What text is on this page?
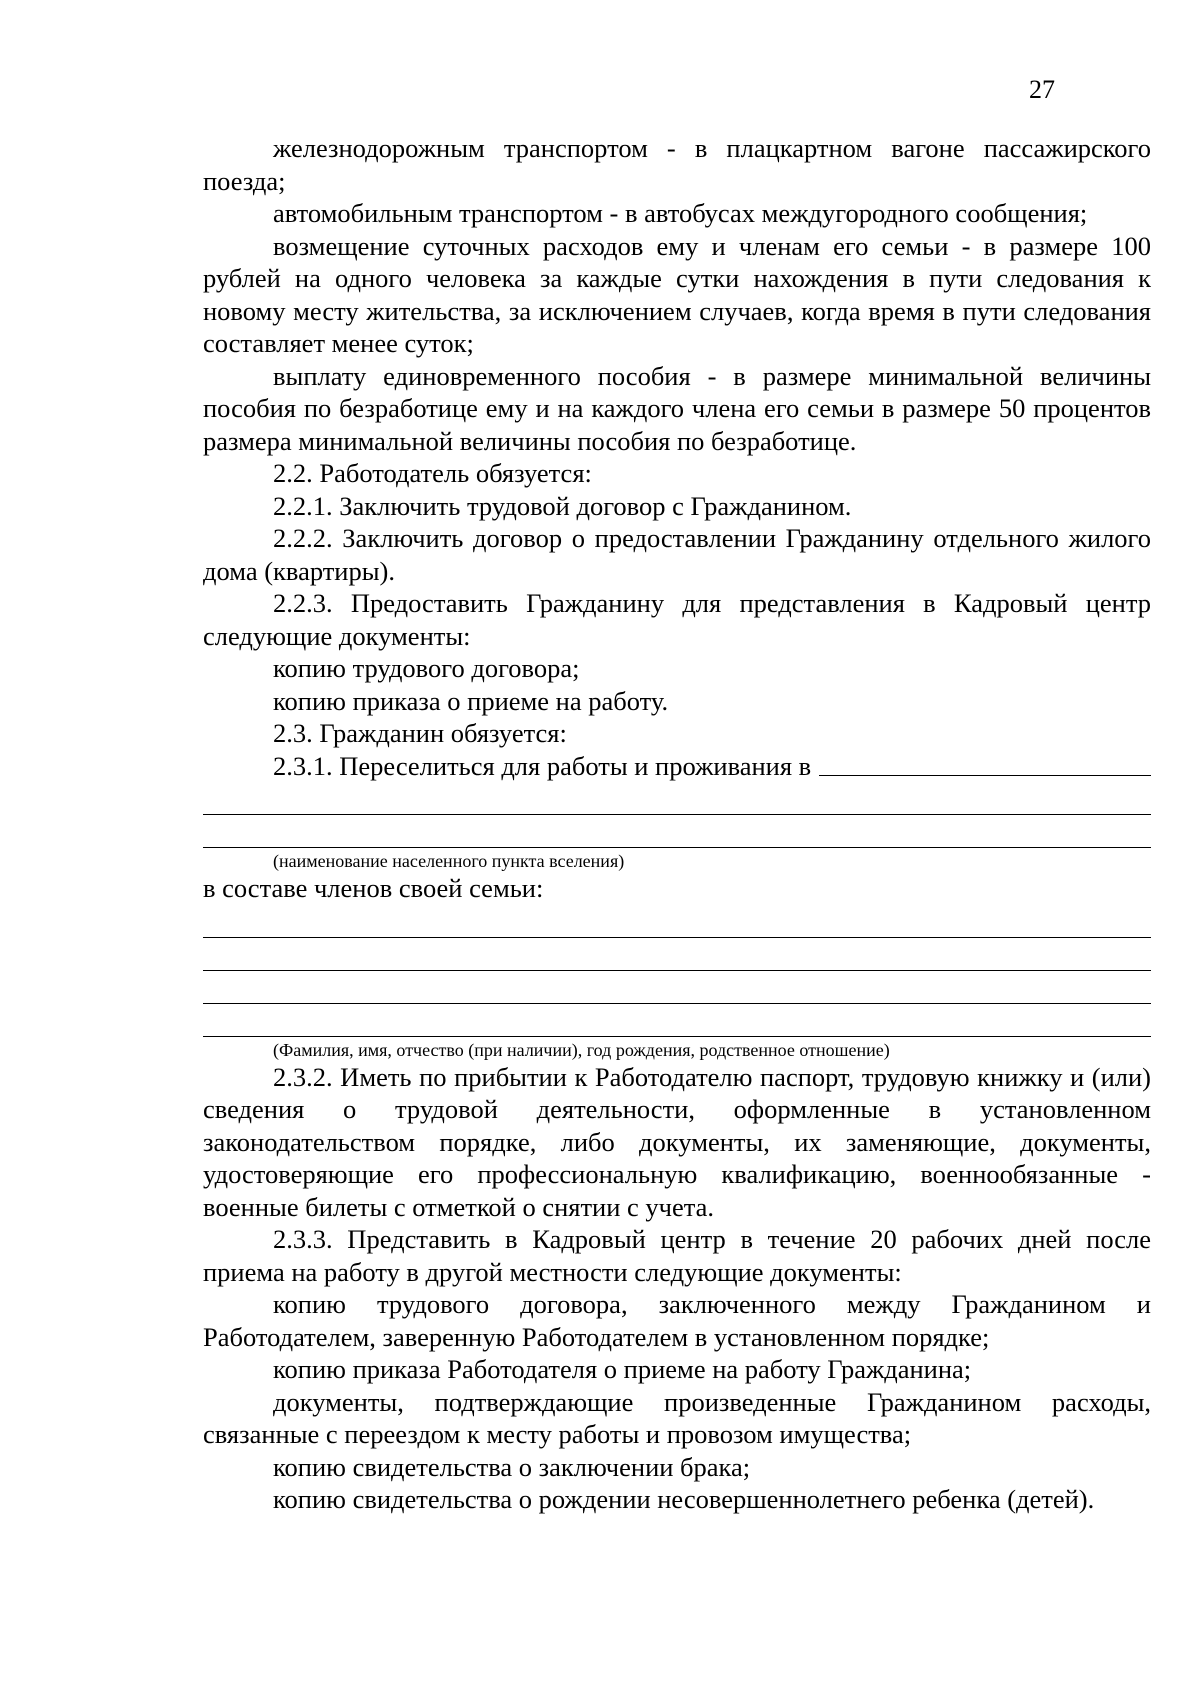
27

железнодорожным транспортом - в плацкартном вагоне пассажирского поезда;

автомобильным транспортом - в автобусах междугородного сообщения;

возмещение суточных расходов ему и членам его семьи - в размере 100 рублей на одного человека за каждые сутки нахождения в пути следования к новому месту жительства, за исключением случаев, когда время в пути следования составляет менее суток;

выплату единовременного пособия - в размере минимальной величины пособия по безработице ему и на каждого члена его семьи в размере 50 процентов размера минимальной величины пособия по безработице.

2.2. Работодатель обязуется:

2.2.1. Заключить трудовой договор с Гражданином.

2.2.2. Заключить договор о предоставлении Гражданину отдельного жилого дома (квартиры).

2.2.3. Предоставить Гражданину для представления в Кадровый центр следующие документы:

копию трудового договора;

копию приказа о приеме на работу.

2.3. Гражданин обязуется:

2.3.1. Переселиться для работы и проживания в

(наименование населенного пункта вселения)

в составе членов своей семьи:

(Фамилия, имя, отчество (при наличии), год рождения, родственное отношение)

2.3.2. Иметь по прибытии к Работодателю паспорт, трудовую книжку и (или) сведения о трудовой деятельности, оформленные в установленном законодательством порядке, либо документы, их заменяющие, документы, удостоверяющие его профессиональную квалификацию, военнообязанные - военные билеты с отметкой о снятии с учета.

2.3.3. Представить в Кадровый центр в течение 20 рабочих дней после приема на работу в другой местности следующие документы:

копию трудового договора, заключенного между Гражданином и Работодателем, заверенную Работодателем в установленном порядке;

копию приказа Работодателя о приеме на работу Гражданина;

документы, подтверждающие произведенные Гражданином расходы, связанные с переездом к месту работы и провозом имущества;

копию свидетельства о заключении брака;

копию свидетельства о рождении несовершеннолетнего ребенка (детей).
